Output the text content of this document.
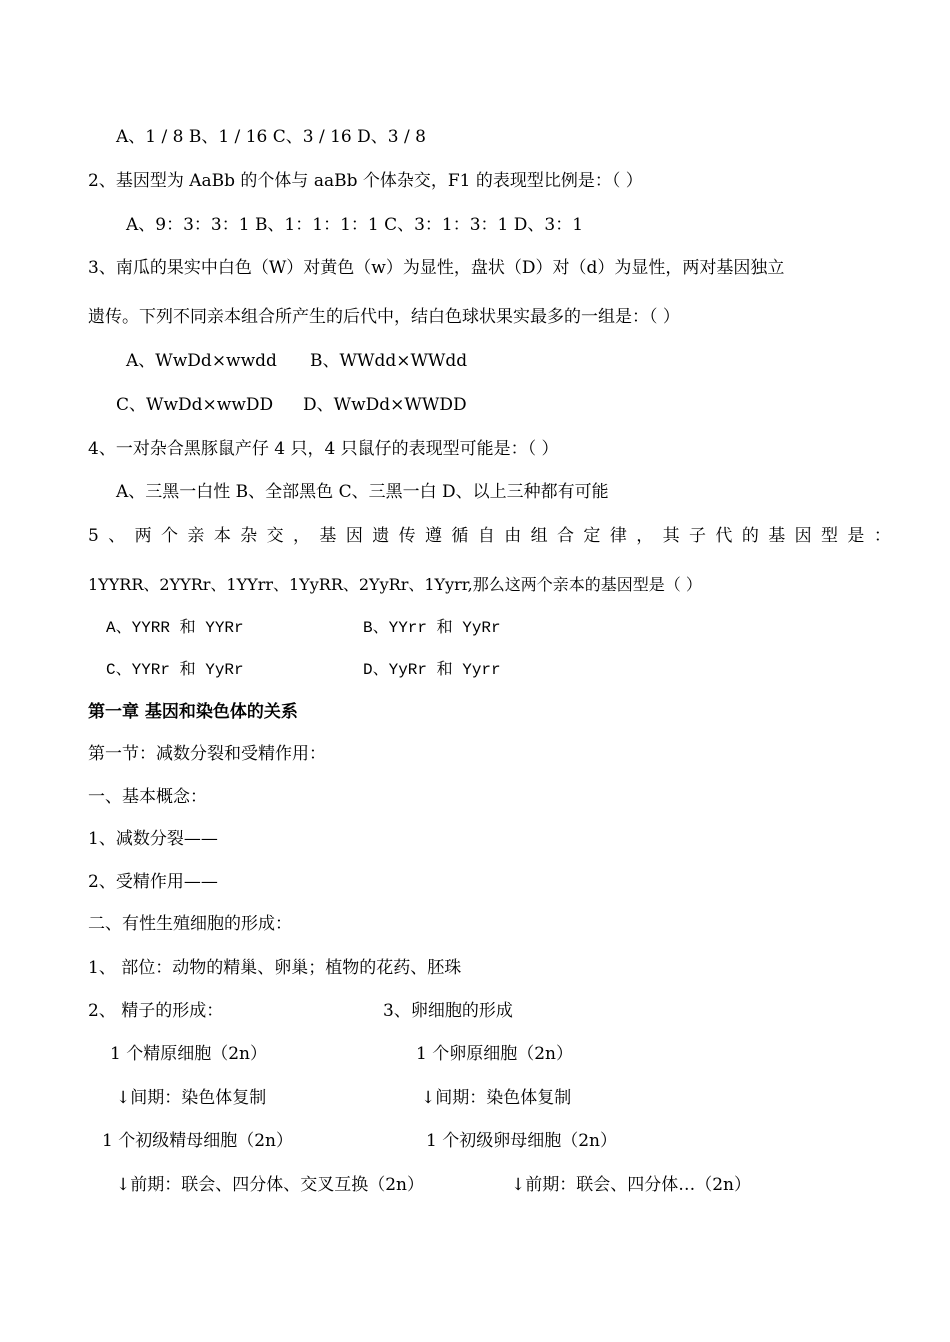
A、1 / 8 B、1 / 16 C、3 / 16 D、3 / 8
2、基因型为 AaBb 的个体与 aaBb 个体杂交，F1 的表现型比例是：（ ）
A、9：3：3：1 B、1：1：1：1 C、3：1：3：1 D、3：1
3、南瓜的果实中白色（W）对黄色（w）为显性，盘状（D）对（d）为显性，两对基因独立
遗传。下列不同亲本组合所产生的后代中，结白色球状果实最多的一组是：（ ）
A、WwDd×wwdd B、WWdd×WWdd
C、WwDd×wwDD D、WwDd×WWDD
4、一对杂合黑豚鼠产仔 4 只，4 只鼠仔的表现型可能是：（ ）
A、三黑一白性 B、全部黑色 C、三黑一白 D、以上三种都有可能
5、两个亲本杂交，基因遗传遵循自由组合定律，其子代的基因型是：
1YYRR、2YYRr、1YYrr、1YyRR、2YyRr、1Yyrr,那么这两个亲本的基因型是（ ）
A、YYRR 和 YYRr	B、YYrr 和 YyRr
C、YYRr 和 YyRr	D、YyRr 和 Yyrr
第一章 基因和染色体的关系
第一节：减数分裂和受精作用：
一、基本概念：
1、减数分裂——
2、受精作用——
二、有性生殖细胞的形成：
1、 部位：动物的精巢、卵巢；植物的花药、胚珠
2、 精子的形成：	3、卵细胞的形成
1 个精原细胞（2n）	1 个卵原细胞（2n）
↓间期：染色体复制	↓间期：染色体复制
1 个初级精母细胞（2n）	1 个初级卵母细胞（2n）
↓前期：联会、四分体、交叉互换（2n）	↓前期：联会、四分体…（2n）
